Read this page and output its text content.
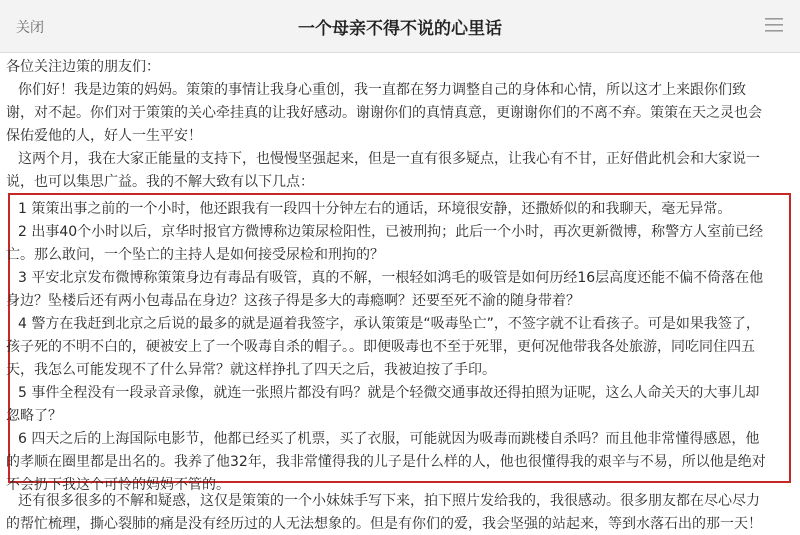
关闭	一个母亲不得不说的心里话

各位关注边策的朋友们：

你们好！我是边策的妈妈。策策的事情让我身心重创，我一直都在努力调整自己的身体和心情，所以这才上来跟你们致
谢，对不起。你们对于策策的关心牵挂真的让我好感动。谢谢你们的真情真意，更谢谢你们的不离不弃。策策在天之灵也会
保佑爱他的人，好人一生平安！

这两个月，我在大家正能量的支持下，也慢慢坚强起来，但是一直有很多疑点，让我心有不甘，正好借此机会和大家说一
说，也可以集思广益。我的不解大致有以下几点：

1 策策出事之前的一个小时，他还跟我有一段四十分钟左右的通话，环境很安静，还撒娇似的和我聊天，毫无异常。

2 出事40个小时以后，京华时报官方微博称边策尿检阳性，已被刑拘；此后一个小时，再次更新微博，称警方人室前已经
亡。那么敢问，一个坠亡的主持人是如何接受尿检和刑拘的？

3 平安北京发布微博称策策身边有毒品有吸管，真的不解，一根轻如鸿毛的吸管是如何历经16层高度还能不偏不倚落在他
身边？坠楼后还有两小包毒品在身边？这孩子得是多大的毒瘾啊？还要至死不渝的随身带着？

4 警方在我赶到北京之后说的最多的就是逼着我签字，承认策策是“吸毒坠亡”，不签字就不让看孩子。可是如果我签了，
孩子死的不明不白的，硬被安上了一个吸毒自杀的帽子。。即便吸毒也不至于死罪，更何况他带我各处旅游，同吃同住四五
天，我怎么可能发现不了什么异常？就这样挣扎了四天之后，我被迫按了手印。

5 事件全程没有一段录音录像，就连一张照片都没有吗？就是个轻微交通事故还得拍照为证呢，这么人命关天的大事儿却
忽略了？

6 四天之后的上海国际电影节，他都已经买了机票，买了衣服，可能就因为吸毒而跳楼自杀吗？而且他非常懂得感恩，他
的孝顺在圈里都是出名的。我养了他32年，我非常懂得我的儿子是什么样的人，他也很懂得我的艰辛与不易，所以他是绝对
不会扔下我这个可怜的妈妈不管的。

还有很多很多的不解和疑惑，这仅是策策的一个小妹妹手写下来，拍下照片发给我的，我很感动。很多朋友都在尽心尽力
的帮忙梳理，撕心裂肺的痛是没有经历过的人无法想象的。但是有你们的爱，我会坚强的站起来，等到水落石出的那一天！
